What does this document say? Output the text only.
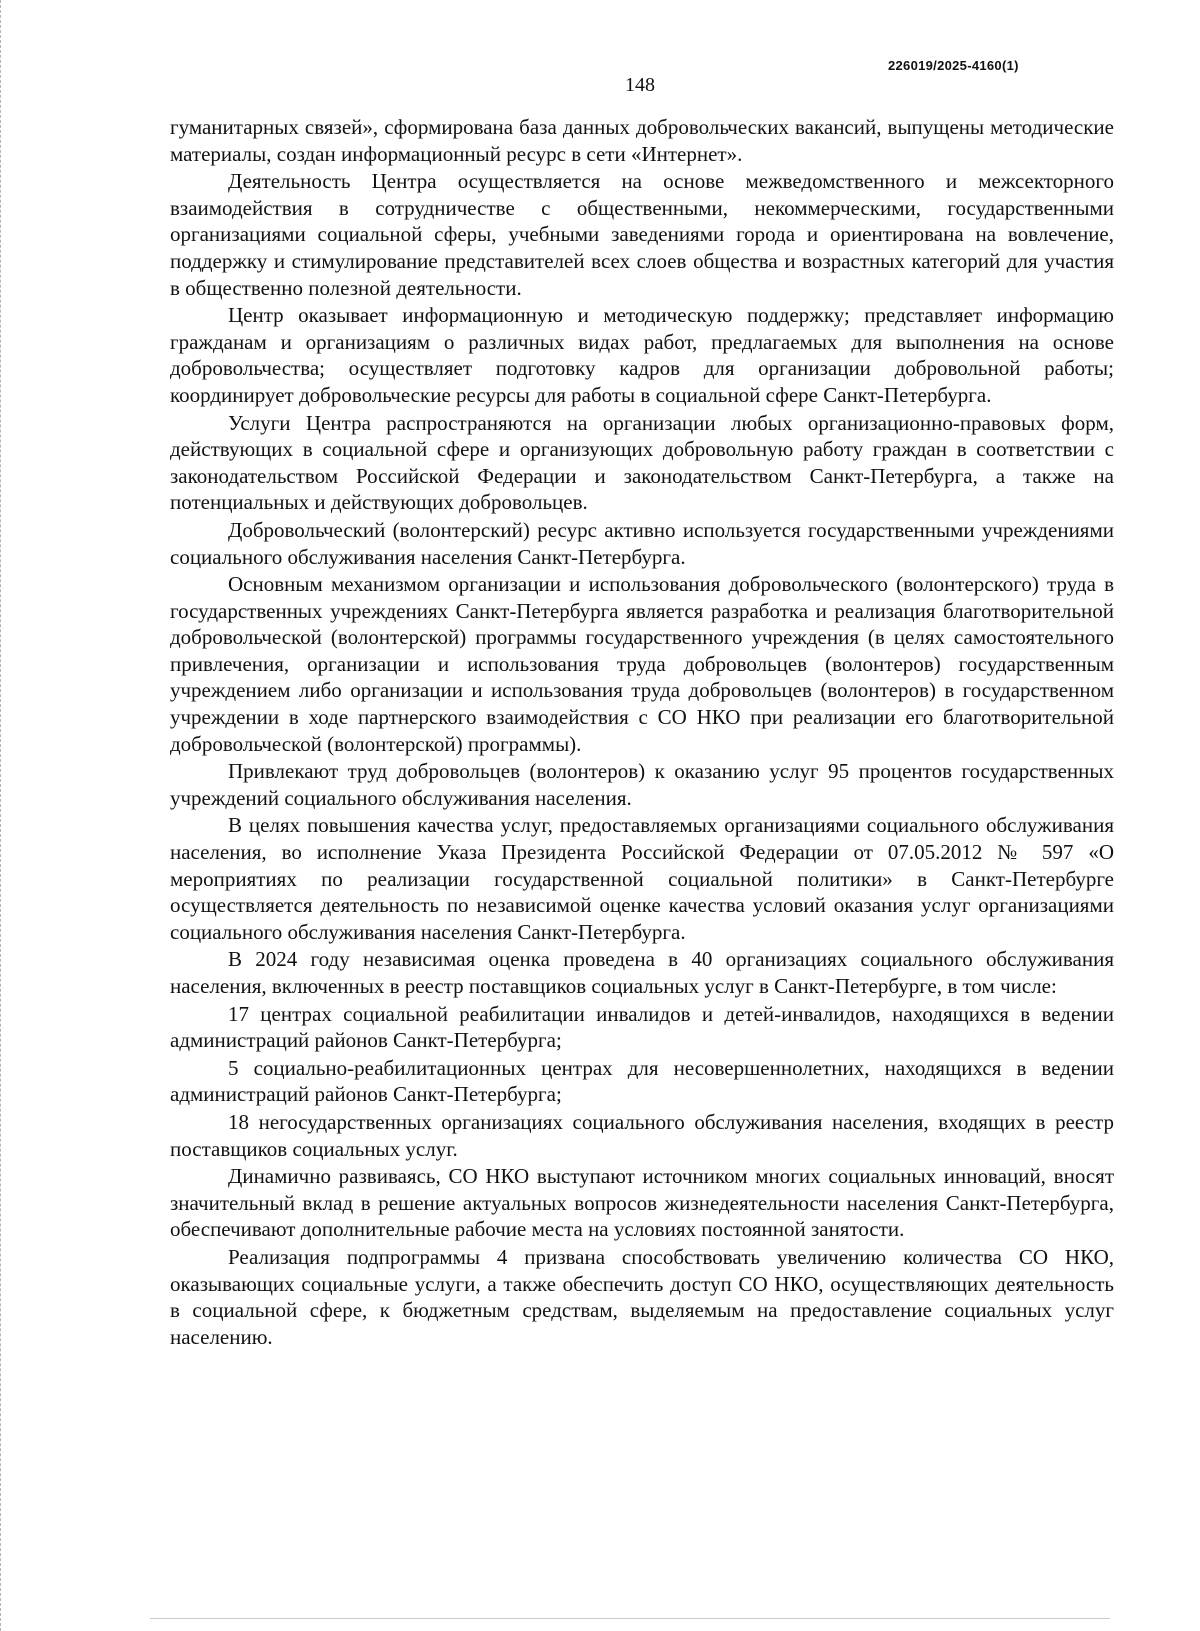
226019/2025-4160(1)
148

гуманитарных связей», сформирована база данных добровольческих вакансий, выпущены методические материалы, создан информационный ресурс в сети «Интернет».

Деятельность Центра осуществляется на основе межведомственного и межсекторного взаимодействия в сотрудничестве с общественными, некоммерческими, государственными организациями социальной сферы, учебными заведениями города и ориентирована на вовлечение, поддержку и стимулирование представителей всех слоев общества и возрастных категорий для участия в общественно полезной деятельности.

Центр оказывает информационную и методическую поддержку; представляет информацию гражданам и организациям о различных видах работ, предлагаемых для выполнения на основе добровольчества; осуществляет подготовку кадров для организации добровольной работы; координирует добровольческие ресурсы для работы в социальной сфере Санкт-Петербурга.

Услуги Центра распространяются на организации любых организационно-правовых форм, действующих в социальной сфере и организующих добровольную работу граждан в соответствии с законодательством Российской Федерации и законодательством Санкт-Петербурга, а также на потенциальных и действующих добровольцев.

Добровольческий (волонтерский) ресурс активно используется государственными учреждениями социального обслуживания населения Санкт-Петербурга.

Основным механизмом организации и использования добровольческого (волонтерского) труда в государственных учреждениях Санкт-Петербурга является разработка и реализация благотворительной добровольческой (волонтерской) программы государственного учреждения (в целях самостоятельного привлечения, организации и использования труда добровольцев (волонтеров) государственным учреждением либо организации и использования труда добровольцев (волонтеров) в государственном учреждении в ходе партнерского взаимодействия с СО НКО при реализации его благотворительной добровольческой (волонтерской) программы).

Привлекают труд добровольцев (волонтеров) к оказанию услуг 95 процентов государственных учреждений социального обслуживания населения.

В целях повышения качества услуг, предоставляемых организациями социального обслуживания населения, во исполнение Указа Президента Российской Федерации от 07.05.2012 № 597 «О мероприятиях по реализации государственной социальной политики» в Санкт-Петербурге осуществляется деятельность по независимой оценке качества условий оказания услуг организациями социального обслуживания населения Санкт-Петербурга.

В 2024 году независимая оценка проведена в 40 организациях социального обслуживания населения, включенных в реестр поставщиков социальных услуг в Санкт-Петербурге, в том числе:

17 центрах социальной реабилитации инвалидов и детей-инвалидов, находящихся в ведении администраций районов Санкт-Петербурга;

5 социально-реабилитационных центрах для несовершеннолетних, находящихся в ведении администраций районов Санкт-Петербурга;

18 негосударственных организациях социального обслуживания населения, входящих в реестр поставщиков социальных услуг.

Динамично развиваясь, СО НКО выступают источником многих социальных инноваций, вносят значительный вклад в решение актуальных вопросов жизнедеятельности населения Санкт-Петербурга, обеспечивают дополнительные рабочие места на условиях постоянной занятости.

Реализация подпрограммы 4 призвана способствовать увеличению количества СО НКО, оказывающих социальные услуги, а также обеспечить доступ СО НКО, осуществляющих деятельность в социальной сфере, к бюджетным средствам, выделяемым на предоставление социальных услуг населению.
